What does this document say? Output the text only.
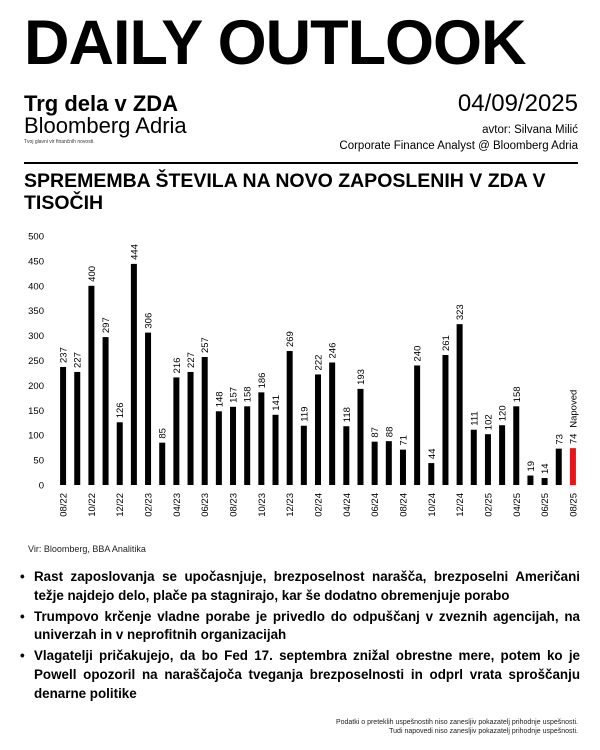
DAILY OUTLOOK
Trg dela v ZDA
Bloomberg Adria
Tvoj glavni vir finančnih novosti.
04/09/2025
avtor: Silvana Milić
Corporate Finance Analyst @ Bloomberg Adria
SPREMEMBA ŠTEVILA NA NOVO ZAPOSLENIH V ZDA V TISOČIH
0
50
100
150
200
250
300
350
400
450
500
237 227
400
297
126
444
306
85
216 227
257
148 157 158
186
141
269
119
222
246
118
193
87 88
71
240
44
261
323
111 102
120
158
19 14
73 74
Napoved
08/22 10/22 12/22 02/23 04/23 06/23 08/23 10/23 12/23 02/24 04/24 06/24 08/24 10/24 12/24 02/25 04/25 06/25 08/25
Vir: Bloomberg, BBA Analitika
• Rast zaposlovanja se upočasnjuje, brezposelnost narašča, brezposelni Američani težje najdejo delo, plače pa stagnirajo, kar še dodatno obremenjuje porabo
• Trumpovo krčenje vladne porabe je privedlo do odpuščanj v zveznih agencijah, na univerzah in v neprofitnih organizacijah
• Vlagatelji pričakujejo, da bo Fed 17. septembra znižal obrestne mere, potem ko je Powell opozoril na naraščajoča tveganja brezposelnosti in odprl vrata sproščanju denarne politike
Podatki o preteklih uspešnostih niso zanesljiv pokazatelj prihodnje uspešnosti.
Tudi napovedi niso zanesljiv pokazatelj prihodnje uspešnosti.
